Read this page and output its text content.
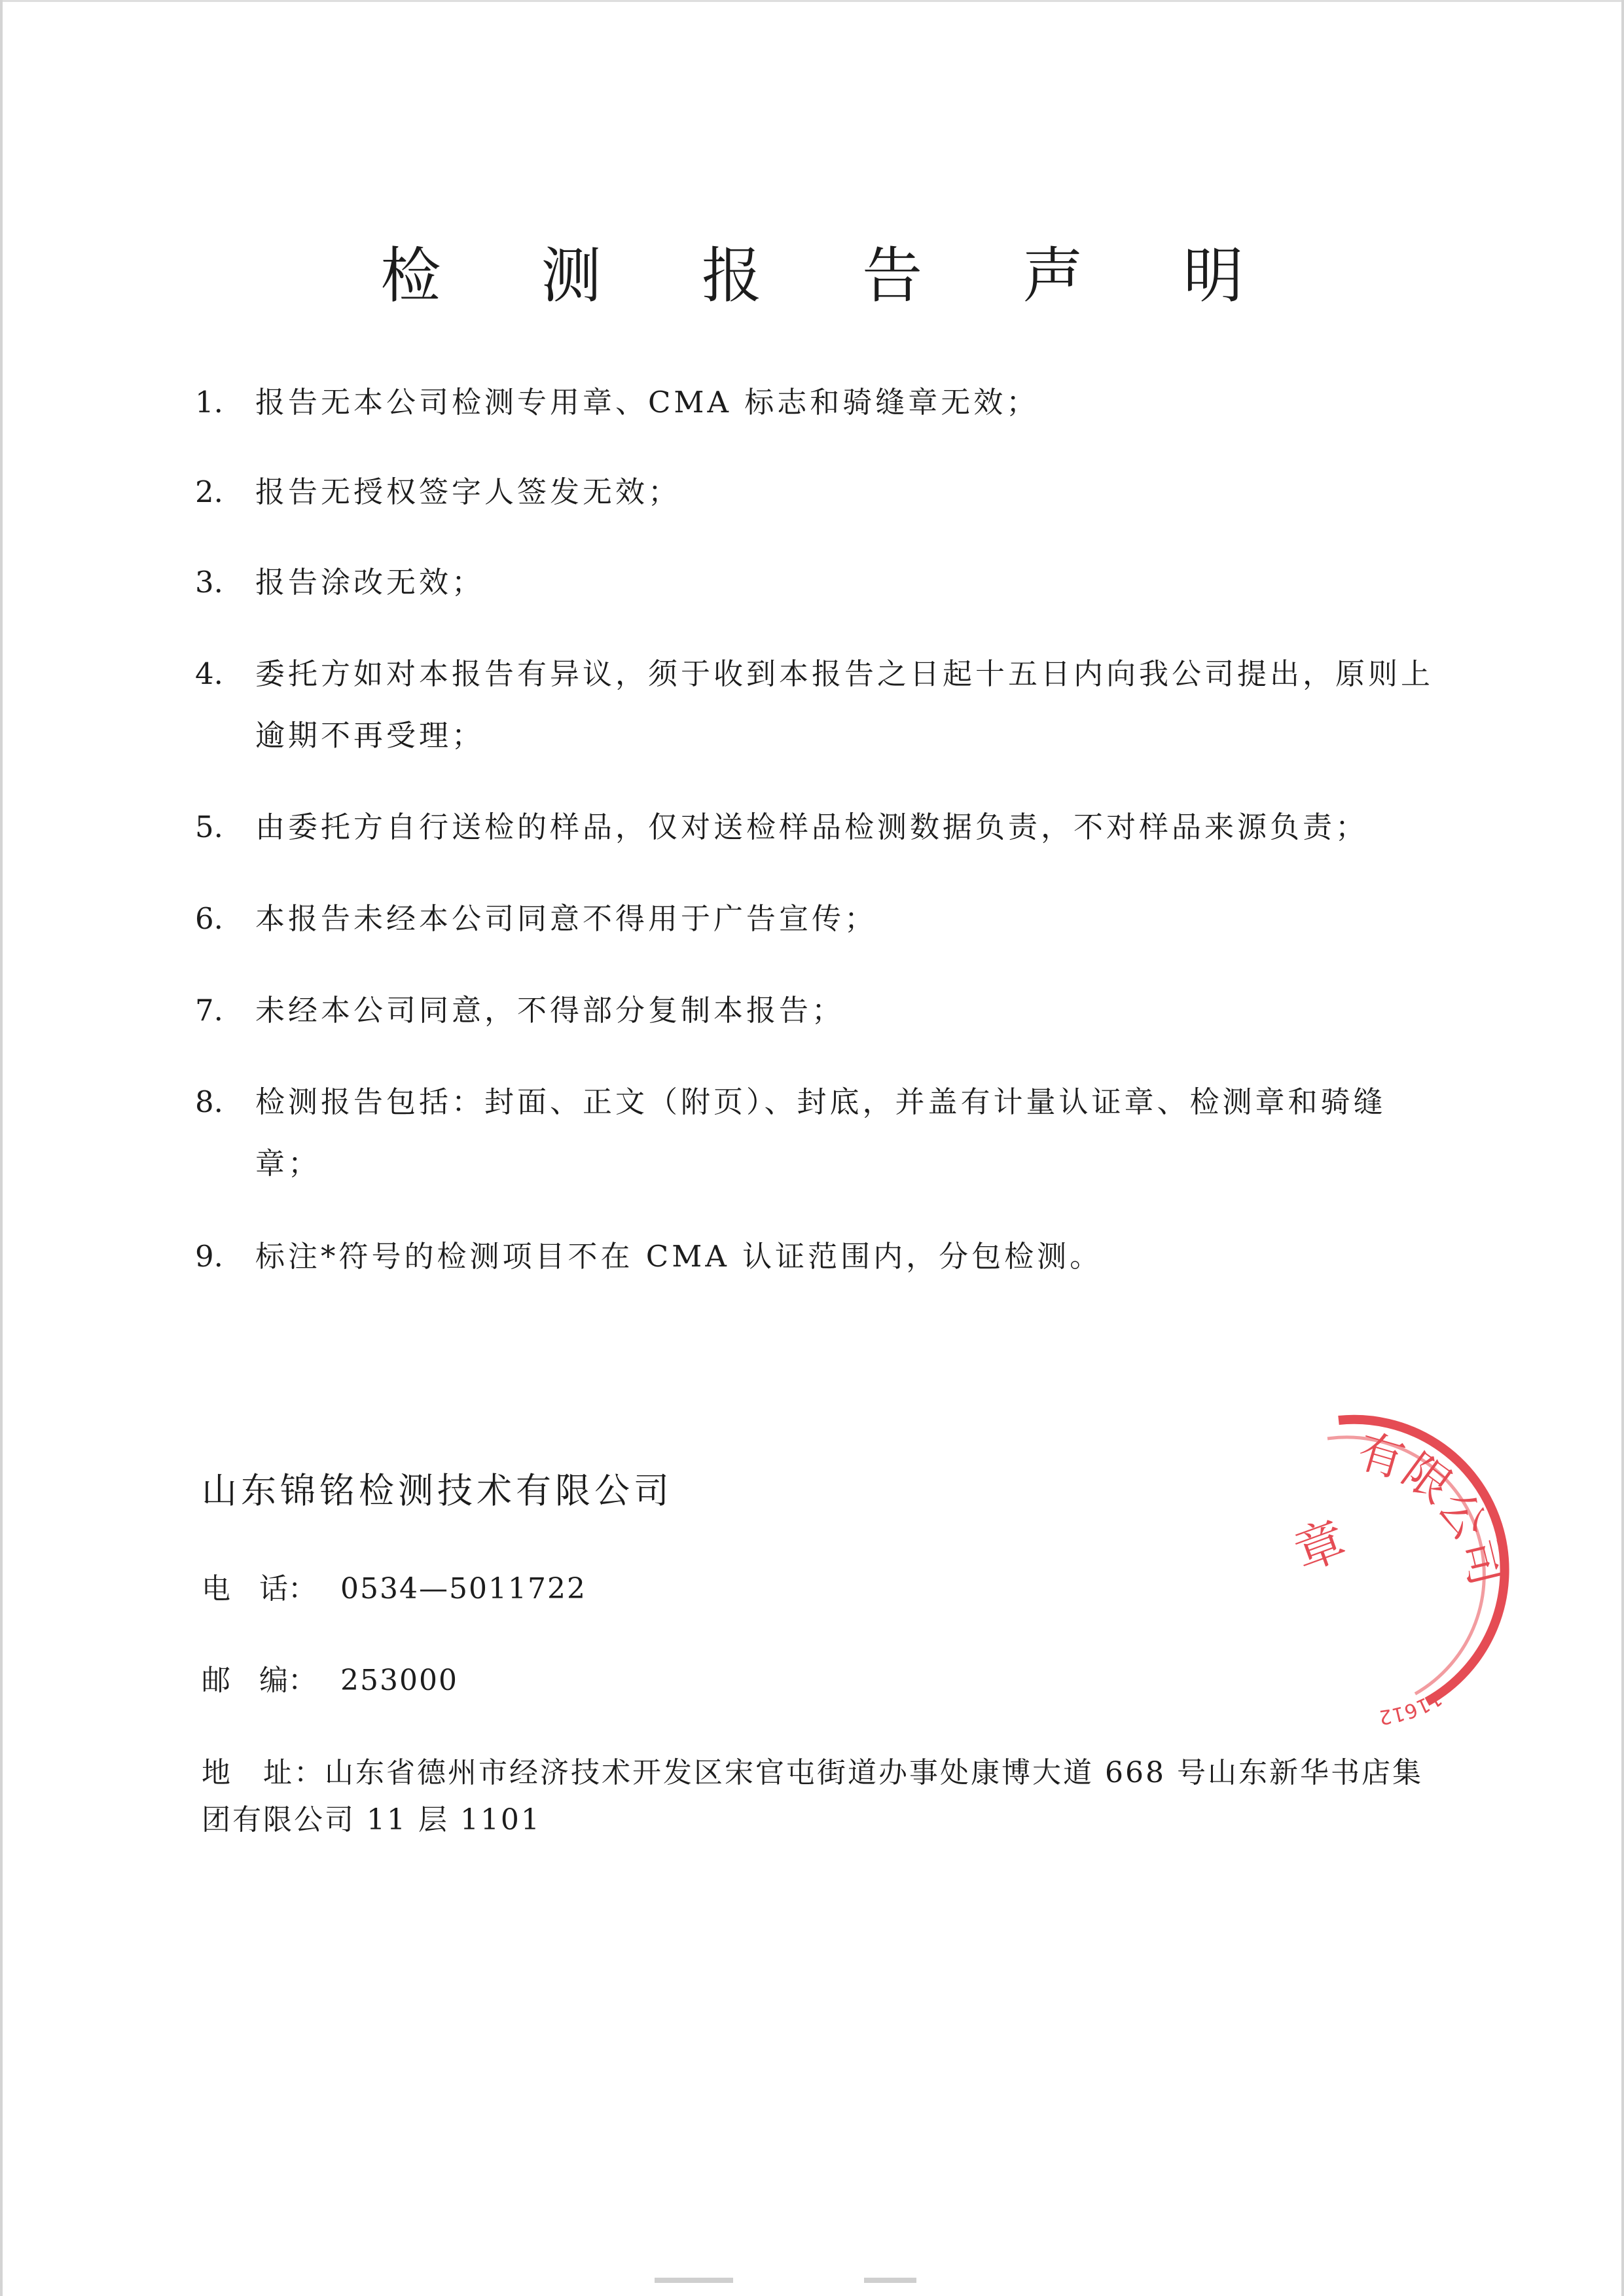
检 测 报 告 声 明
1. 报告无本公司检测专用章、CMA 标志和骑缝章无效；
2. 报告无授权签字人签发无效；
3. 报告涂改无效；
4. 委托方如对本报告有异议，须于收到本报告之日起十五日内向我公司提出，原则上逾期不再受理；
5. 由委托方自行送检的样品，仅对送检样品检测数据负责，不对样品来源负责；
6. 本报告未经本公司同意不得用于广告宣传；
7. 未经本公司同意，不得部分复制本报告；
8. 检测报告包括：封面、正文（附页）、封底，并盖有计量认证章、检测章和骑缝章；
9. 标注*符号的检测项目不在 CMA 认证范围内，分包检测。
山东锦铭检测技术有限公司
电　话： 0534—5011722
邮　编： 253000
地　址：山东省德州市经济技术开发区宋官屯街道办事处康博大道 668 号山东新华书店集团有限公司 11 层 1101
有限公司
章
11612
